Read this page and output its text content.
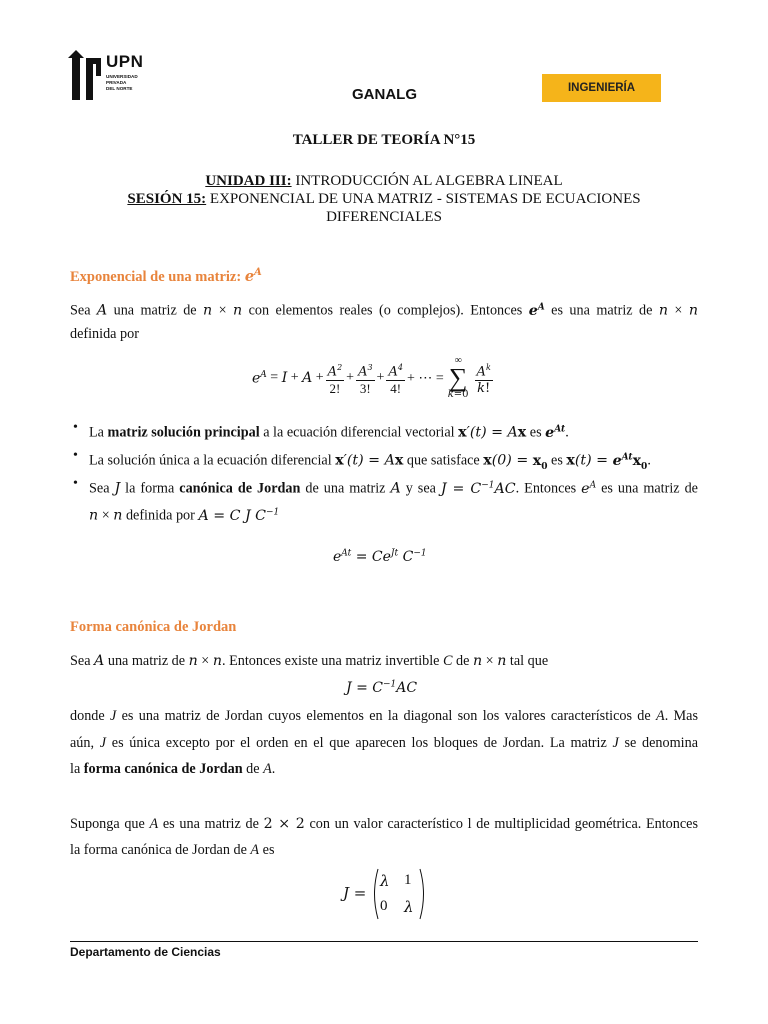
UPN
UNIVERSIDAD
PRIVADA
DEL NORTE	GANALG	INGENIERÍA
TALLER DE TEORÍA N°15
UNIDAD III: INTRODUCCIÓN AL ALGEBRA LINEAL
SESIÓN 15: EXPONENCIAL DE UNA MATRIZ - SISTEMAS DE ECUACIONES
DIFERENCIALES
Exponencial de una matriz: $e^A$
Sea A una matriz de n × n con elementos reales (o complejos). Entonces $e^A$ es una matriz de n × n
definida por
$e^A = I + A + \frac{A^2}{2!} + \frac{A^3}{3!} + \frac{A^4}{4!}$ + ⋯ =
∞
∑
$k=0 \frac{A^k}{k!}$
• La matriz solución principal a la ecuación diferencial vectorial x′(t) = Ax es $e^{At}$.
• La solución única a la ecuación diferencial x′(t) = Ax que satisface $x(0) = x_0$ es $x(t) = e^{At}x_0$.
• Sea J la forma canónica de Jordan de una matriz A y sea $J = C^{-1}AC$. Entonces $e^A$ es una matriz de
n × n definida por A = C J $C^{-1}$
$e^{At} = Ce^{Jt}$ $C^{-1}$
Forma canónica de Jordan
Sea A una matriz de n × n. Entonces existe una matriz invertible C de n × n tal que
$J = C^{-1}AC$
donde J es una matriz de Jordan cuyos elementos en la diagonal son los valores característicos de A. Mas
aún, J es única excepto por el orden en el que aparecen los bloques de Jordan. La matriz J se denomina
la forma canónica de Jordan de A.
Suponga que A es una matriz de 2 × 2 con un valor característico l de multiplicidad geométrica. Entonces
la forma canónica de Jordan de A es
J =
λ 1
0 λ
Departamento de Ciencias
